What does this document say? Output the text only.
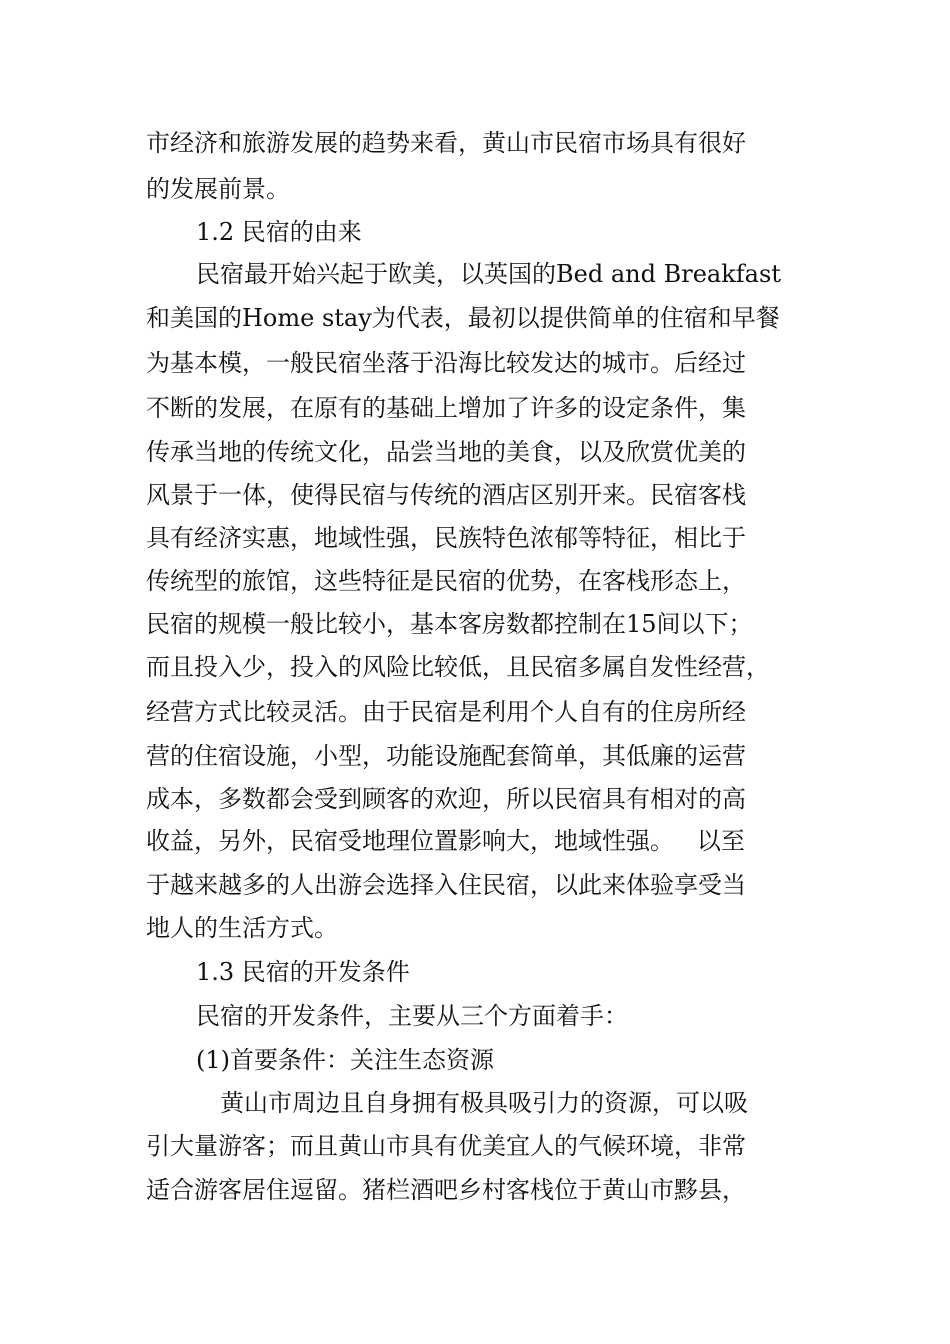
市经济和旅游发展的趋势来看，黄山市民宿市场具有很好
的发展前景。
1.2 民宿的由来
民宿最开始兴起于欧美，以英国的Bed and Breakfast
和美国的Home stay为代表，最初以提供简单的住宿和早餐
为基本模，一般民宿坐落于沿海比较发达的城市。后经过
不断的发展，在原有的基础上增加了许多的设定条件，集
传承当地的传统文化，品尝当地的美食，以及欣赏优美的
风景于一体，使得民宿与传统的酒店区别开来。民宿客栈
具有经济实惠，地域性强，民族特色浓郁等特征，相比于
传统型的旅馆，这些特征是民宿的优势，在客栈形态上，
民宿的规模一般比较小，基本客房数都控制在15间以下；
而且投入少，投入的风险比较低，且民宿多属自发性经营，
经营方式比较灵活。由于民宿是利用个人自有的住房所经
营的住宿设施，小型，功能设施配套简单，其低廉的运营
成本，多数都会受到顾客的欢迎，所以民宿具有相对的高
收益，另外，民宿受地理位置影响大，地域性强。   以至
于越来越多的人出游会选择入住民宿，以此来体验享受当
地人的生活方式。
1.3 民宿的开发条件
民宿的开发条件，主要从三个方面着手：
(1)首要条件：关注生态资源
黄山市周边且自身拥有极具吸引力的资源，可以吸
引大量游客；而且黄山市具有优美宜人的气候环境，非常
适合游客居住逗留。猪栏酒吧乡村客栈位于黄山市黟县，
